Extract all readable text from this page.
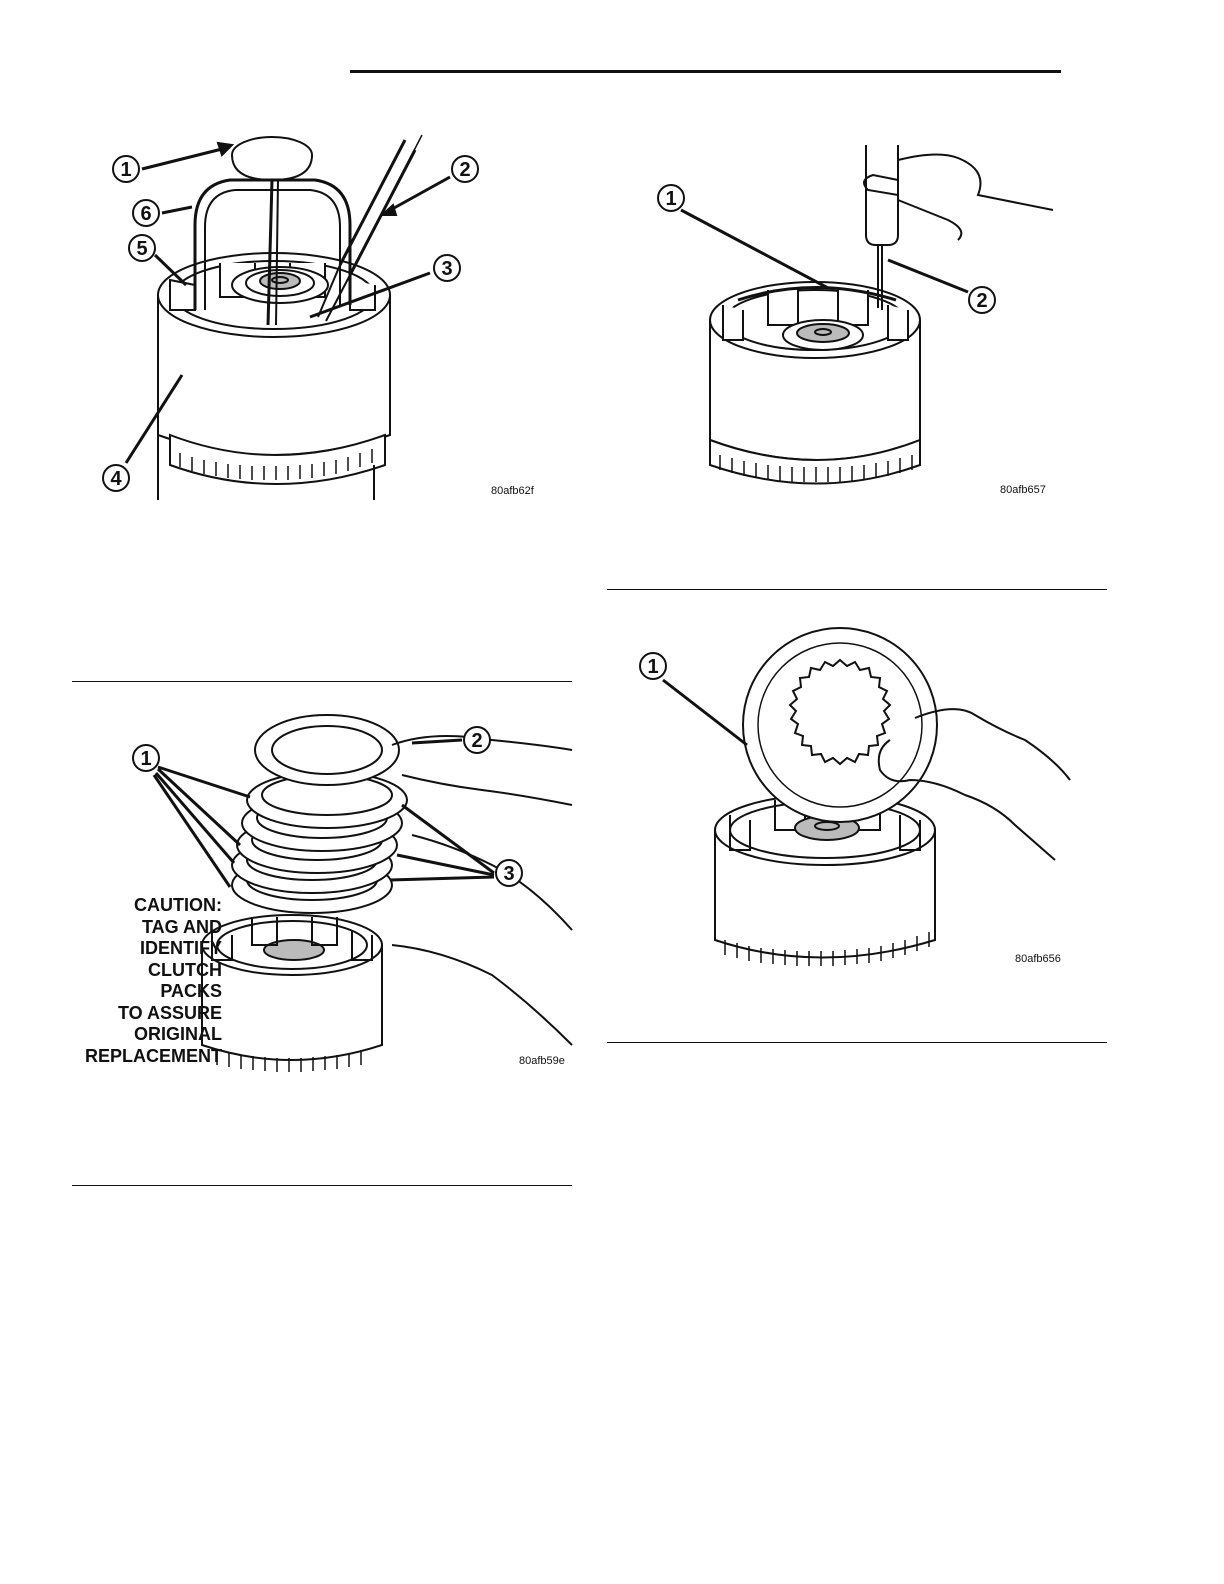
1	2
3
4
5
6
80afb62f
1
2
80afb657
1
2
3
CAUTION:
TAG AND
IDENTIFY
CLUTCH
PACKS
TO ASSURE
ORIGINAL
REPLACEMENT	80afb59e
1
80afb656
